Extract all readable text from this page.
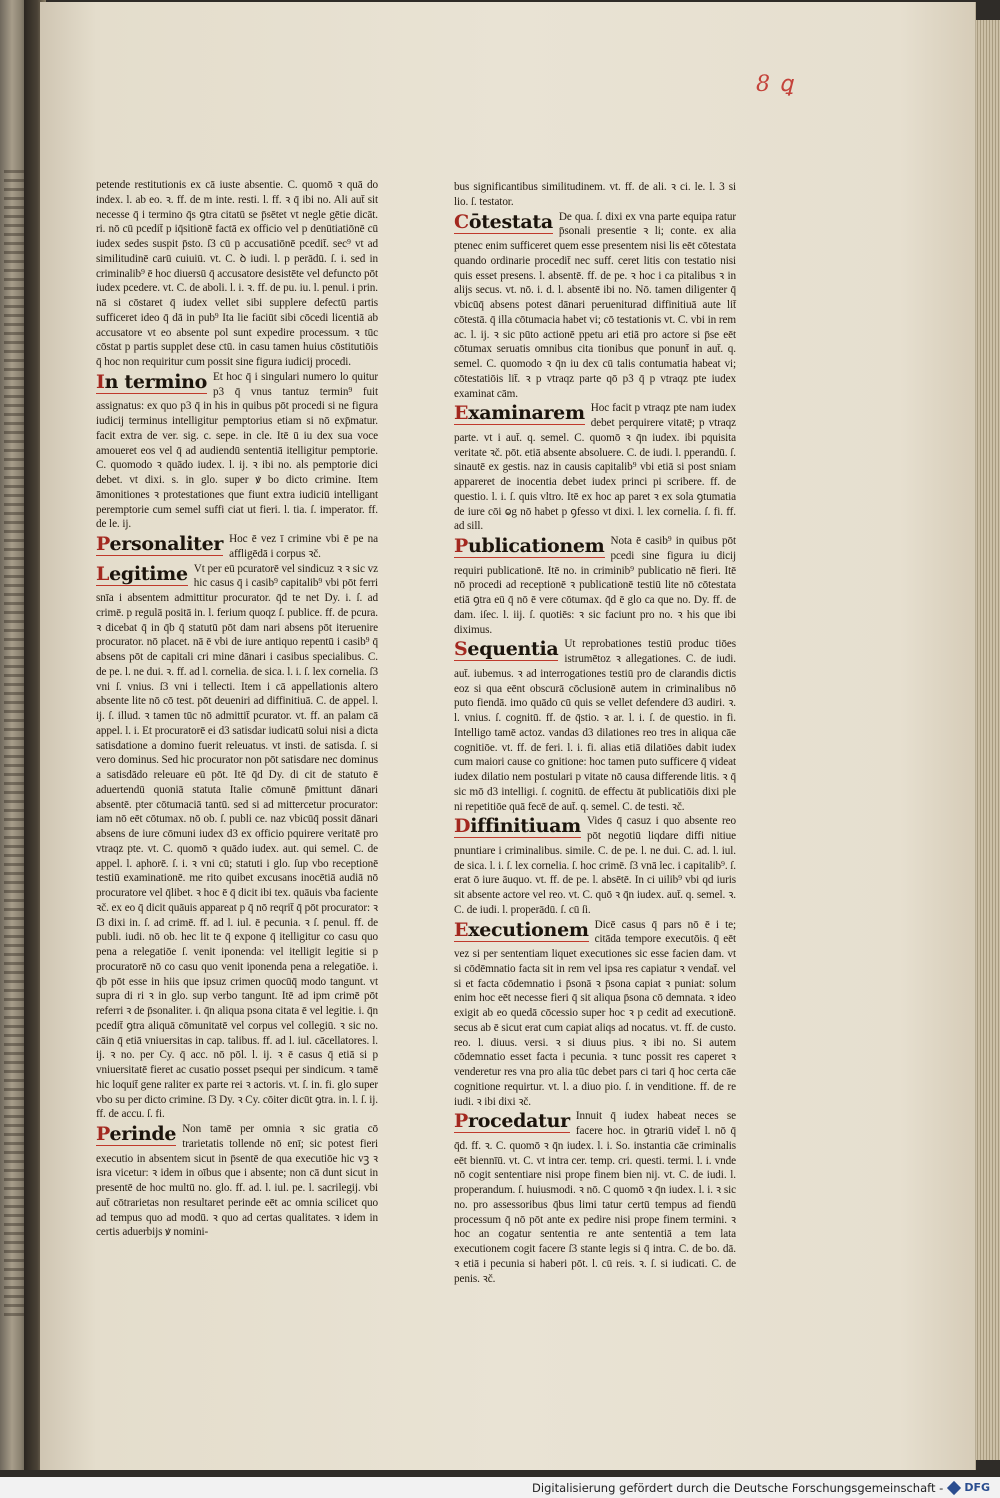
8 ꝗ

petende restitutionis ex cā iuste absentie. C. quomō ꝛ quā do index. l. ab eo. ꝛ. ff. de m inte. resti. l. ff. ꝛ q̄ ibi no. Ali aut̄ sit necesse q̄ i termino q̄s ꝯtra citatū se p̄sētet vt negle gētie dicāt. ri. nō cū pcedit̄ p iq̄sitionē factā ex officio vel p denūtiatiōnē cū iudex sedes suspit p̄sto. ſ3 cū p accusatiōnē pcedit̄. sec⁹ vt ad similitudinē carū cuiuiū. vt. C. ꝺ iudi. l. p perādū. ſ. i. sed in criminalib⁹ ē hoc diuersū q̄ accusatore desistēte vel defuncto pōt iudex pcedere. vt. C. de aboli. l. i. ꝛ. ff. de pu. iu. l. penul. i prin. nā si cōstaret q̄ iudex vellet sibi supplere defectū partis sufficeret ideo q̄ dā in pub⁹ Ita lie faciūt sibi cōcedi licentiā ab accusatore vt eo absente pol sunt expedire processum. ꝛ tūc cōstat p partis supplet dese ctū. in casu tamen huius cōstitutiōis q̄ hoc non requiritur cum possit sine figura iudicij procedi.

In termino Et hoc q̄ i singulari numero lo quitur p3 q̄ vnus tantuz termin⁹ fuit assignatus: ex quo p3 q̄ in his in quibus pōt procedi si ne figura iudicij terminus intelligitur pemptorius etiam si nō exp̄matur. facit extra de ver. sig. c. sepe. in cle. Itē ū iu dex sua voce amoueret eos vel q̄ ad audiendū sententiā itelligitur pemptorie. C. quomodo ꝛ quādo iudex. l. ij. ꝛ ibi no. als pemptorie dici debet. vt dixi. s. in glo. super ꝟ bo dicto crimine. Item āmonitiones ꝛ protestationes que fiunt extra iudiciū intelligant peremptorie cum semel suffi ciat ut fieri. l. tia. ſ. imperator. ff. de le. ij.

Personaliter Hoc ē vez ī crimine vbi ē pe na affligēdā i corpus ꝛč.

Legitime Vt per eū pcuratorē vel sindicuz ꝛ ꝛ sic vz hic casus q̄ i casib⁹ capitalib⁹ vbi pōt ferri snīa i absentem admittitur procurator. q̄d te net Dy. i. ſ. ad crimē. p regulā positā in. l. ferium quoqz ſ. publice. ff. de pcura. ꝛ dicebat q̄ in q̄b q̄ statutū pōt dam nari absens pōt iteruenire procurator. nō placet. nā ē vbi de iure antiquo repentū i casib⁹ q̄ absens pōt de capitali cri mine dānari i casibus specialibus. C. de pe. l. ne dui. ꝛ. ff. ad l. cornelia. de sica. l. i. ſ. lex cornelia. ſ3 vni ſ. vnius. ſ3 vni i tellecti. Item i cā appellationis altero absente lite nō cō test. pōt deueniri ad diffinitiuā. C. de appel. l. ij. ſ. illud. ꝛ tamen tūc nō admittit̄ pcurator. vt. ff. an palam cā appel. l. i. Et procuratorē ei d3 satisdar iudicatū solui nisi a dicta satisdatione a domino fuerit releuatus. vt insti. de satisda. ſ. si vero dominus. Sed hic procurator non pōt satisdare nec dominus a satisdādo releuare eū pōt. Itē q̄d Dy. di cit de statuto ē aduertendū quoniā statuta Italie cōmunē p̄mittunt dānari absentē. pter cōtumaciā tantū. sed si ad mittercetur procurator: iam nō eēt cōtumax. nō ob. ſ. publi ce. naz vbicūq̄ possit dānari absens de iure cōmuni iudex d3 ex officio pquirere veritatē pro vtraqz pte. vt. C. quomō ꝛ quādo iudex. aut. qui semel. C. de appel. l. aphorē. ſ. i. ꝛ vni cū; statuti i glo. ſup vbo receptionē testiū examinationē. me rito quibet excusans inocētiā audiā nō procuratore vel q̄libet. ꝛ hoc ē q̄ dicit ibi tex. quāuis vba faciente ꝛč. ex eo q̄ dicit quāuis appareat p q̄ nō reqrit̄ q̄ pōt procurator: ꝛ ſ3 dixi in. ſ. ad crimē. ff. ad l. iul. ē pecunia. ꝛ ſ. penul. ff. de publi. iudi. nō ob. hec lit te q̄ expone q̄ itelligitur co casu quo pena a relegatiōe ſ. venit iponenda: vel itelligit legitie si p procuratorē nō co casu quo venit iponenda pena a relegatiōe. i. q̄b pōt esse in hiis que ipsuz crimen quocūq̄ modo tangunt. vt supra di ri ꝛ in glo. sup verbo tangunt. Itē ad ipm crimē pōt referri ꝛ de p̄sonaliter. i. q̄n aliqua psona citata ē vel legitie. i. q̄n pcedit̄ ꝯtra aliquā cōmunitatē vel corpus vel collegiū. ꝛ sic no. cāin q̄ etiā vniuersitas in cap. talibus. ff. ad l. iul. cācellatores. l. ij. ꝛ no. per Cy. q̄ acc. nō pōl. l. ij. ꝛ ē casus q̄ etiā si p vniuersitatē fieret ac cusatio posset psequi per sindicum. ꝛ tamē hic loquit̄ gene raliter ex parte rei ꝛ actoris. vt. ſ. in. fi. glo super vbo su per dicto crimine. ſ3 Dy. ꝛ Cy. cōiter dicūt ꝯtra. in. l. ſ. ij. ff. de accu. ſ. fi.

Perinde Non tamē per omnia ꝛ sic gratia cō trarietatis tollende nō enī; sic potest fieri executio in absentem sicut in p̄sentē de qua executiōe hic vꝫ ꝛ isra vicetur: ꝛ idem in oībus que i absente; non cā dunt sicut in presentē de hoc multū no. glo. ff. ad. l. iul. pe. l. sacrilegij. vbi aut̄ cōtrarietas non resultaret perinde eēt ac omnia scilicet quo ad tempus quo ad modū. ꝛ quo ad certas qualitates. ꝛ idem in certis aduerbijs ꝟ nomini-

bus significantibus similitudinem. vt. ff. de ali. ꝛ ci. le. l. 3 si lio. ſ. testator.

Cōtestata De qua. ſ. dixi ex vna parte equipa ratur p̄sonali presentie ꝛ li; conte. ex alia ptenec enim sufficeret quem esse presentem nisi lis eēt cōtestata quando ordinarie procedit̄ nec suff. ceret litis con testatio nisi quis esset presens. l. absentē. ff. de pe. ꝛ hoc i ca pitalibus ꝛ in alijs secus. vt. nō. i. d. l. absentē ibi no. Nō. tamen diligenter q̄ vbicūq̄ absens potest dānari perueniturad diffinitiuā aute lit̄ cōtestā. q̄ illa cōtumacia habet vi; cō testationis vt. C. vbi in rem ac. l. ij. ꝛ sic pūto actionē ppetu ari etiā pro actore si p̄se eēt cōtumax seruatis omnibus cita tionibus que ponunt̄ in aut̄. q. semel. C. quomodo ꝛ q̄n iu dex cū talis contumatia habeat vi; cōtestatiōis lit̄. ꝛ p vtraqz parte qō p3 q̄ p vtraqz pte iudex examinat cām.

Examinarem Hoc facit p vtraqz pte nam iudex debet perquirere vitatē; p vtraqz parte. vt i aut̄. q. semel. C. quomō ꝛ q̄n iudex. ibi pquisita veritate ꝛč. pōt. etiā absente absoluere. C. de iudi. l. pperandū. ſ. sinautē ex gestis. naz in causis capitalib⁹ vbi etiā si post sniam appareret de inocentia debet iudex princi pi scribere. ff. de questio. l. i. ſ. quis vltro. Itē ex hoc ap paret ꝛ ex sola ꝯtumatia de iure cōi ⱺg nō habet p ꝯfesso vt dixi. l. lex cornelia. ſ. fi. ff. ad sill.

Publicationem Nota ē casib⁹ in quibus pōt pcedi sine figura iu dicij requiri publicationē. Itē no. in criminib⁹ publicatio nē fieri. Itē nō procedi ad receptionē ꝛ publicationē testiū lite nō cōtestata etiā ꝯtra eū q̄ nō ē vere cōtumax. q̄d ē glo ca que no. Dy. ff. de dam. iſec. l. iij. ſ. quotiēs: ꝛ sic faciunt pro no. ꝛ his que ibi diximus.

Sequentia Ut reprobationes testiū produc tiōes istrumētoz ꝛ allegationes. C. de iudi. aut̄. iubemus. ꝛ ad interrogationes testiū pro de clarandis dictis eoz si qua eēnt obscurā cōclusionē autem in criminalibus nō puto fiendā. imo quādo cū quis se vellet defendere d3 audiri. ꝛ. l. vnius. ſ. cognitū. ff. de q̄stio. ꝛ ar. l. i. ſ. de questio. in fi. Intelligo tamē actoz. vandas d3 dilationes reo tres in aliqua cāe cognitiōe. vt. ff. de feri. l. i. fi. alias etiā dilatiōes dabit iudex cum maiori cause co gnitione: hoc tamen puto sufficere q̄ videat iudex dilatio nem postulari p vitate nō causa differende litis. ꝛ q̄ sic mō d3 intelligi. ſ. cognitū. de effectu āt publicatiōis dixi ple ni repetitiōe quā fecē de aut̄. q. semel. C. de testi. ꝛč.

Diffinitiuam Vides q̄ casuz i quo absente reo pōt negotiū liqdare diffi nitiue pnuntiare i criminalibus. simile. C. de pe. l. ne dui. C. ad. l. iul. de sica. l. i. ſ. lex cornelia. ſ. hoc crimē. ſ3 vnā lec. i capitalib⁹. ſ. erat ō iure āuquo. vt. ff. de pe. l. absētē. In ci uilib⁹ vbi qd iuris sit absente actore vel reo. vt. C. quō ꝛ q̄n iudex. aut̄. q. semel. ꝛ. C. de iudi. l. properādū. ſ. cū ſi.

Executionem Dicē casus q̄ pars nō ē i te; citāda tempore executōis. q̄ eēt vez si per sententiam liquet executiones sic esse facien dam. vt si cōdēmnatio facta sit in rem vel ipsa res capiatur ꝛ vendat̄. vel si et facta cōdemnatio i p̄sonā ꝛ p̄sona capiat ꝛ puniat: solum enim hoc eēt necesse fieri q̄ sit aliqua p̄sona cō demnata. ꝛ ideo exigit ab eo quedā cōcessio super hoc ꝛ p cedit ad executionē. secus ab ē sicut erat cum capiat aliqs ad nocatus. vt. ff. de custo. reo. l. diuus. versi. ꝛ si diuus pius. ꝛ ibi no. Si autem cōdemnatio esset facta i pecunia. ꝛ tunc possit res caperet ꝛ venderetur res vna pro alia tūc debet pars ci tari q̄ hoc certa cāe cognitione requirtur. vt. l. a diuo pio. ſ. in venditione. ff. de re iudi. ꝛ ibi dixi ꝛč.

Procedatur Innuit q̄ iudex habeat neces se facere hoc. in ꝯtrariū videt̄ l. nō q̄ q̄d. ff. ꝛ. C. quomō ꝛ q̄n iudex. l. i. So. instantia cāe criminalis eēt biennīū. vt. C. vt intra cer. temp. cri. questi. termi. l. i. vnde nō cogit sententiare nisi prope finem bien nij. vt. C. de iudi. l. properandum. ſ. huiusmodi. ꝛ nō. C quomō ꝛ q̄n iudex. l. i. ꝛ sic no. pro assessoribus q̄bus limi tatur certū tempus ad fiendū processum q̄ nō pōt ante ex pedire nisi prope finem termini. ꝛ hoc an cogatur sententia re ante sententiā a tem lata executionem cogit facere ſ3 stante legis si q̄ intra. C. de bo. dā. ꝛ etiā i pecunia si haberi pōt. l. cū reis. ꝛ. ſ. si iudicati. C. de penis. ꝛč.

Digitalisierung gefördert durch die Deutsche Forschungsgemeinschaft - DFG
